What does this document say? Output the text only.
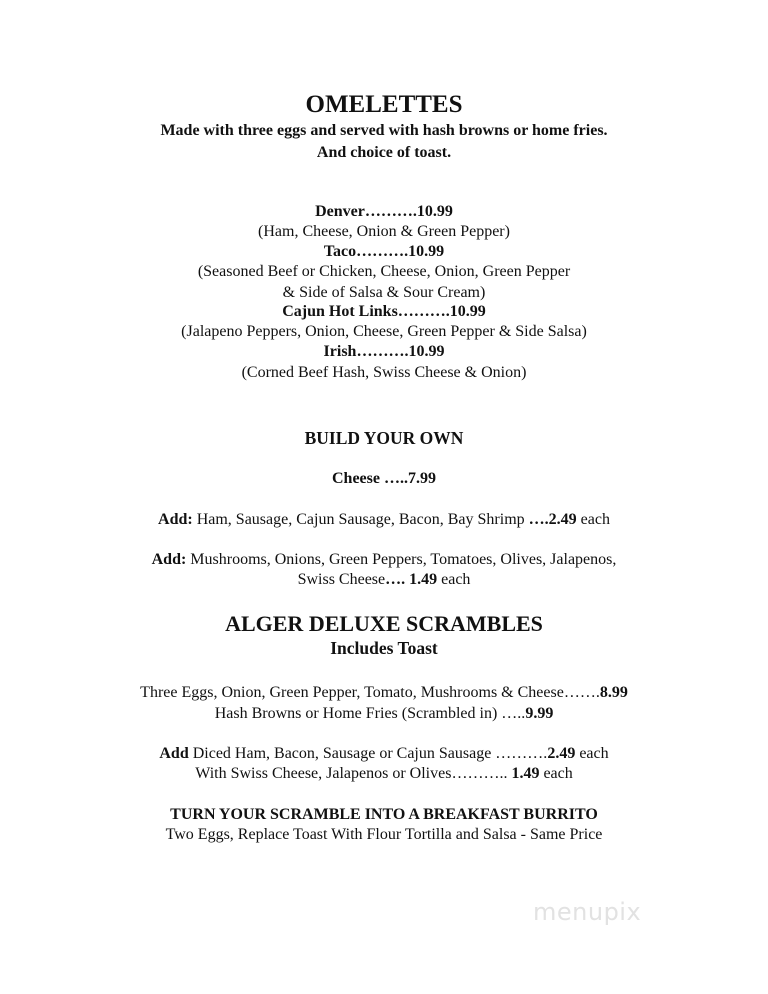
OMELETTES
Made with three eggs and served with hash browns or home fries.
And choice of toast.
Denver……….10.99
(Ham, Cheese, Onion & Green Pepper)
Taco……….10.99
(Seasoned Beef or Chicken, Cheese, Onion, Green Pepper
& Side of Salsa & Sour Cream)
Cajun Hot Links……….10.99
(Jalapeno Peppers, Onion, Cheese, Green Pepper & Side Salsa)
Irish……….10.99
(Corned Beef Hash, Swiss Cheese & Onion)
BUILD YOUR OWN
Cheese …..7.99
Add: Ham, Sausage, Cajun Sausage, Bacon, Bay Shrimp ….2.49 each
Add: Mushrooms, Onions, Green Peppers, Tomatoes, Olives, Jalapenos,
Swiss Cheese…. 1.49 each
ALGER DELUXE SCRAMBLES
Includes Toast
Three Eggs, Onion, Green Pepper, Tomato, Mushrooms & Cheese…….8.99
Hash Browns or Home Fries (Scrambled in) …..9.99
Add Diced Ham, Bacon, Sausage or Cajun Sausage ……….2.49 each
With Swiss Cheese, Jalapenos or Olives……….. 1.49 each
TURN YOUR SCRAMBLE INTO A BREAKFAST BURRITO
Two Eggs, Replace Toast With Flour Tortilla and Salsa - Same Price
menupix
